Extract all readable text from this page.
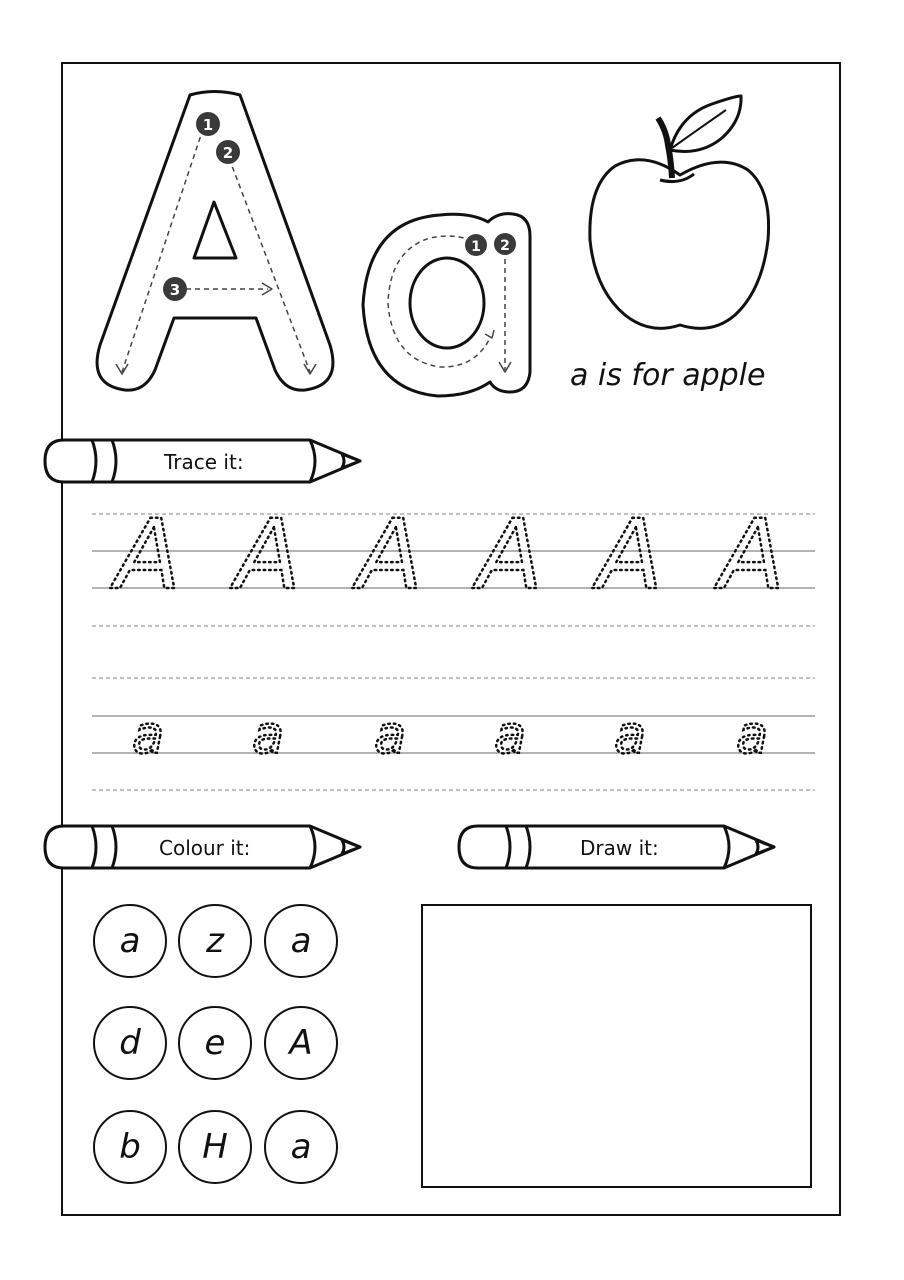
1
2
3
1 2
A A A A A A
a a a a a a
a is for apple
Trace it:
Colour it:	Draw it:
a	z	a
d	e	A
b	H	a
